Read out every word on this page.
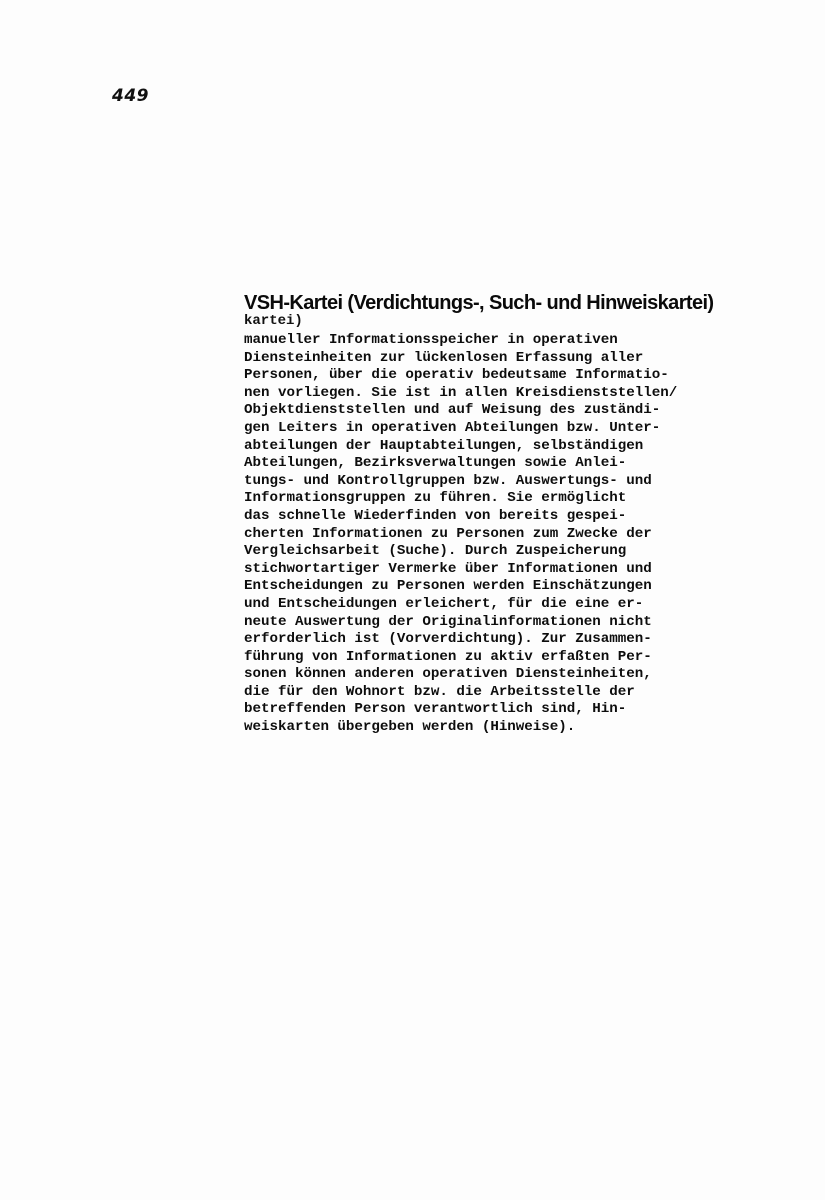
449
VSH-Kartei (Verdichtungs-, Such- und Hinweiskartei)
kartei)
manueller Informationsspeicher in operativen
Diensteinheiten zur lückenlosen Erfassung aller
Personen, über die operativ bedeutsame Informatio-
nen vorliegen. Sie ist in allen Kreisdienststellen/
Objektdienststellen und auf Weisung des zuständi-
gen Leiters in operativen Abteilungen bzw. Unter-
abteilungen der Hauptabteilungen, selbständigen
Abteilungen, Bezirksverwaltungen sowie Anlei-
tungs- und Kontrollgruppen bzw. Auswertungs- und
Informationsgruppen zu führen. Sie ermöglicht
das schnelle Wiederfinden von bereits gespei-
cherten Informationen zu Personen zum Zwecke der
Vergleichsarbeit (Suche). Durch Zuspeicherung
stichwortartiger Vermerke über Informationen und
Entscheidungen zu Personen werden Einschätzungen
und Entscheidungen erleichert, für die eine er-
neute Auswertung der Originalinformationen nicht
erforderlich ist (Vorverdichtung). Zur Zusammen-
führung von Informationen zu aktiv erfaßten Per-
sonen können anderen operativen Diensteinheiten,
die für den Wohnort bzw. die Arbeitsstelle der
betreffenden Person verantwortlich sind, Hin-
weiskarten übergeben werden (Hinweise).
